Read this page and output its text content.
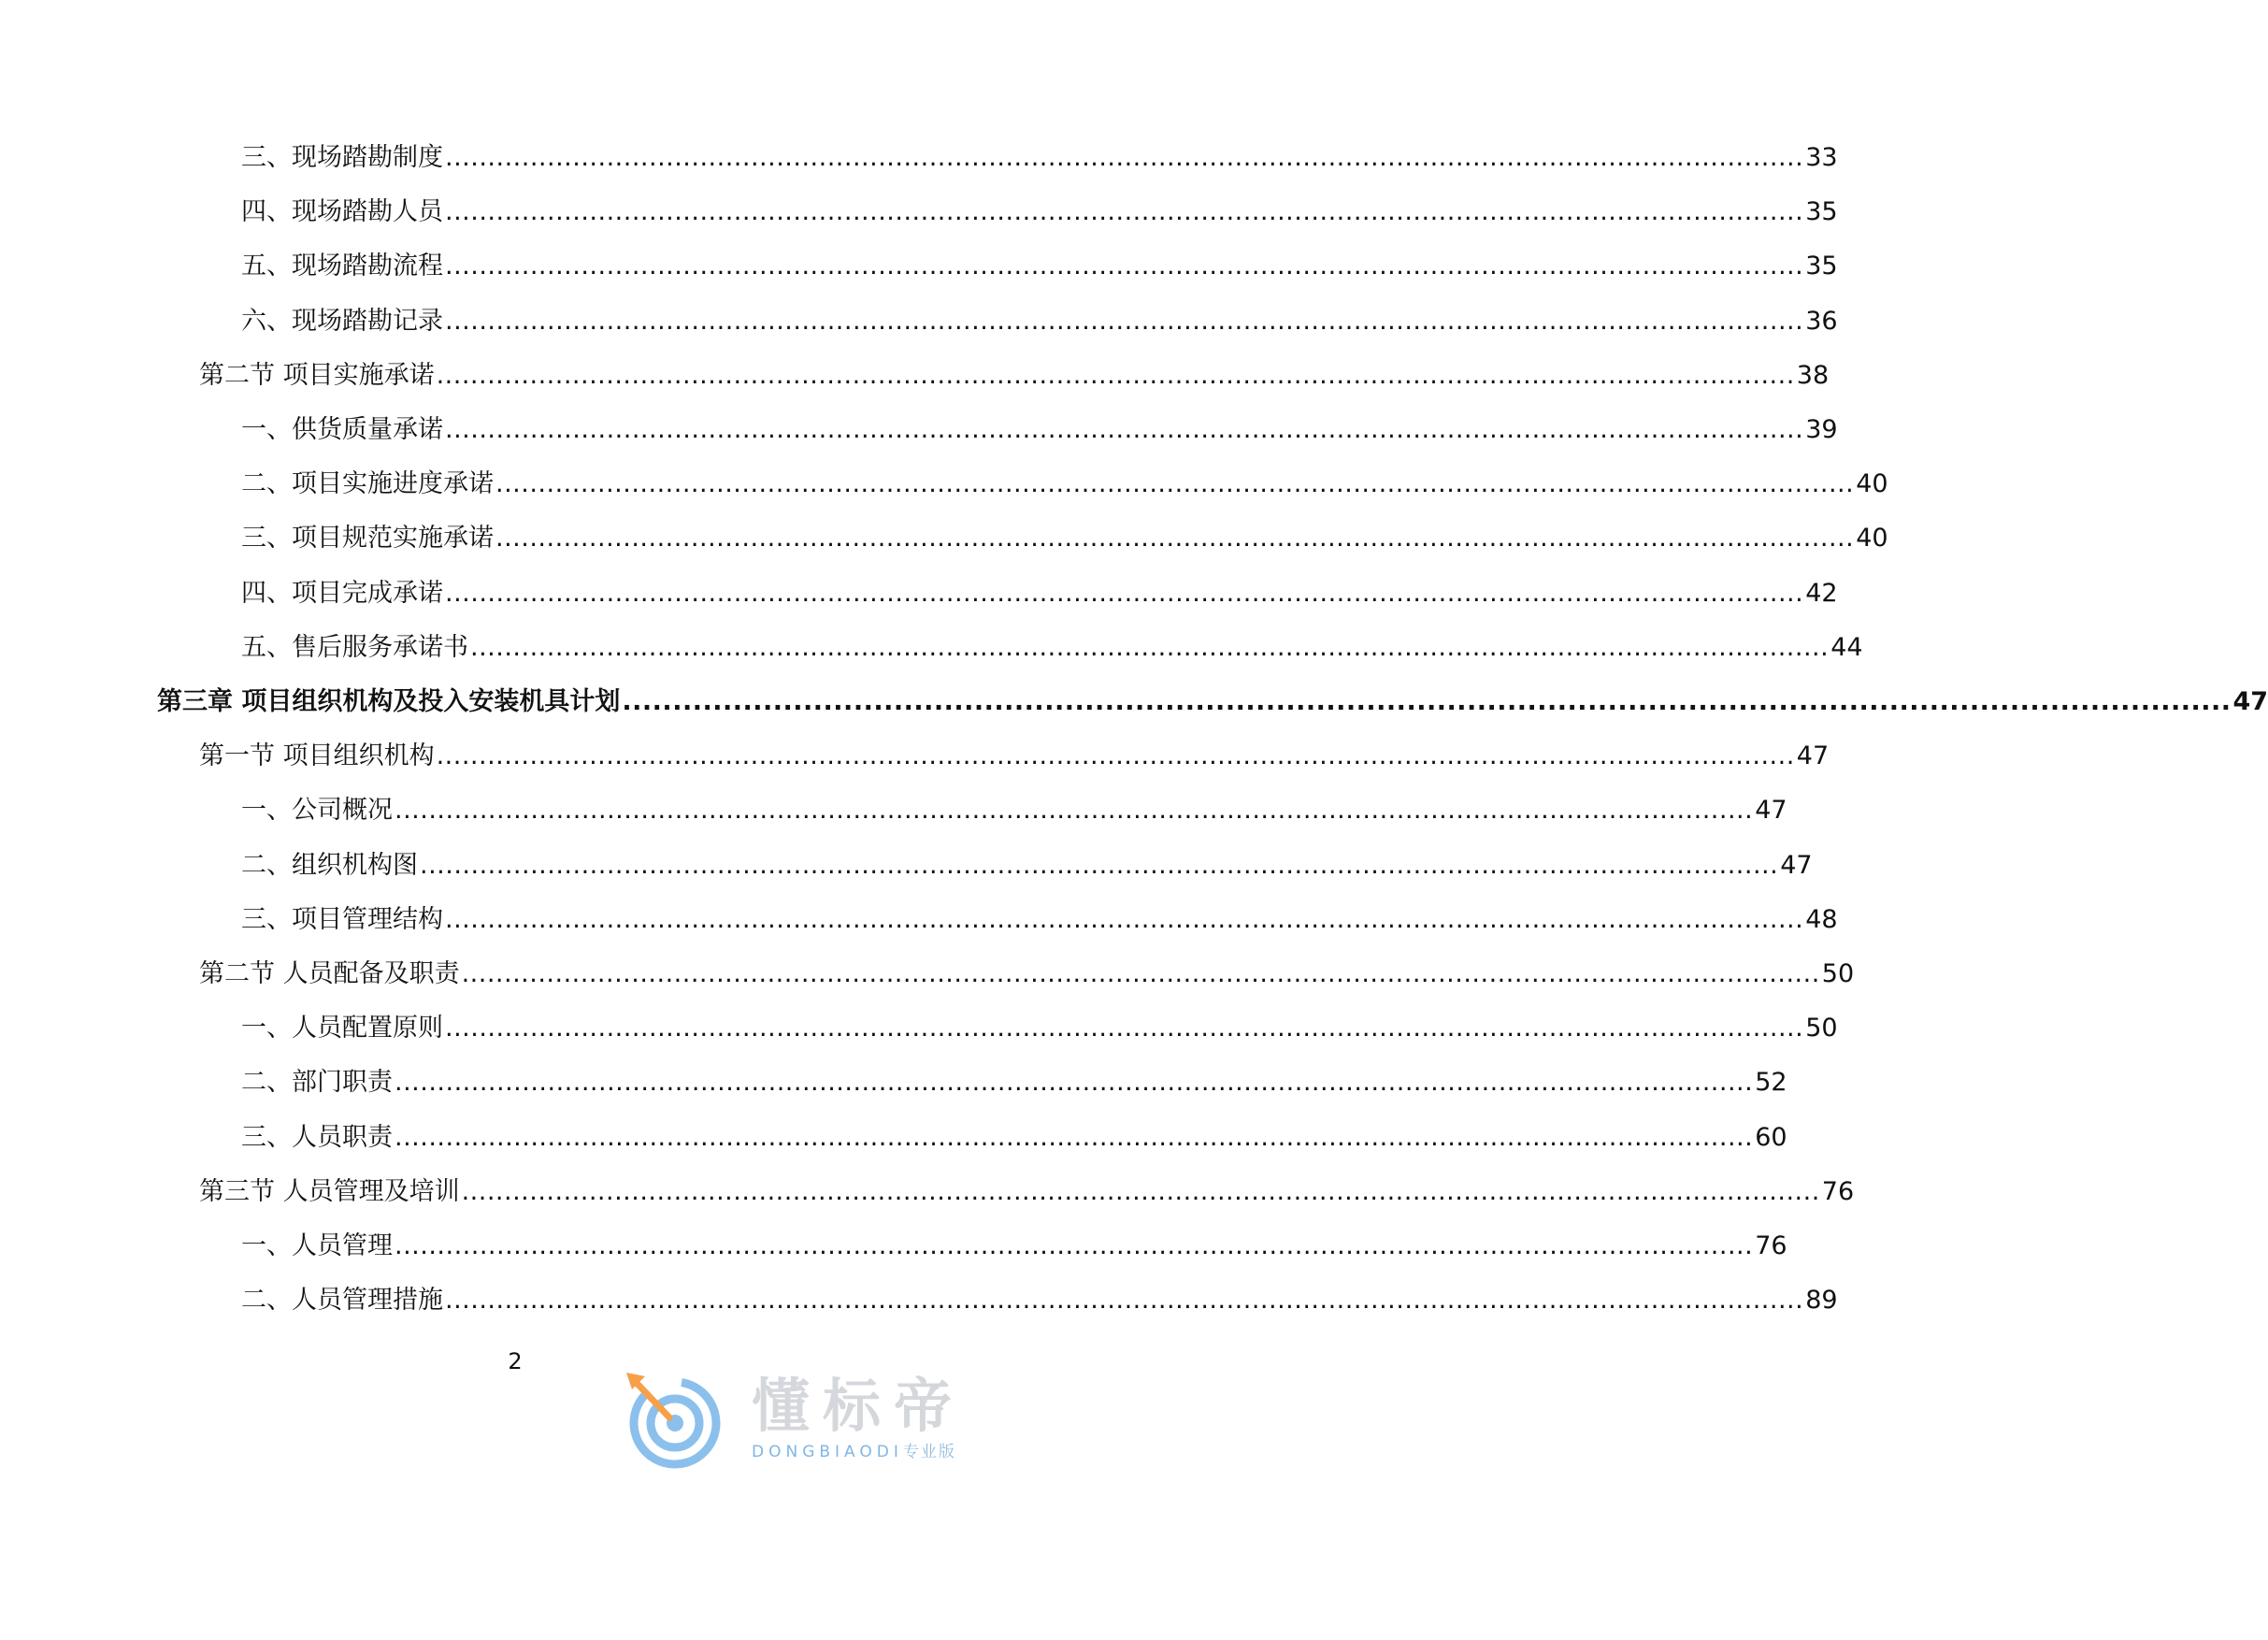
三、现场踏勘制度 ................................................................................................................................................................ 33
四、现场踏勘人员 ................................................................................................................................................................ 35
五、现场踏勘流程 ................................................................................................................................................................ 35
六、现场踏勘记录 ................................................................................................................................................................ 36
第二节 项目实施承诺 ................................................................................................................................................................ 38
一、供货质量承诺 ................................................................................................................................................................ 39
二、项目实施进度承诺 ................................................................................................................................................................ 40
三、项目规范实施承诺 ................................................................................................................................................................ 40
四、项目完成承诺 ................................................................................................................................................................ 42
五、售后服务承诺书 ................................................................................................................................................................ 44
第三章 项目组织机构及投入安装机具计划 ................................................................................................................................................................ 47
第一节 项目组织机构 ................................................................................................................................................................ 47
一、公司概况 ................................................................................................................................................................ 47
二、组织机构图 ................................................................................................................................................................ 47
三、项目管理结构 ................................................................................................................................................................ 48
第二节 人员配备及职责 ................................................................................................................................................................ 50
一、人员配置原则 ................................................................................................................................................................ 50
二、部门职责 ................................................................................................................................................................ 52
三、人员职责 ................................................................................................................................................................ 60
第三节 人员管理及培训 ................................................................................................................................................................ 76
一、人员管理 ................................................................................................................................................................ 76
二、人员管理措施 ................................................................................................................................................................ 89
2
懂标帝
DONGBIAODI专业版
